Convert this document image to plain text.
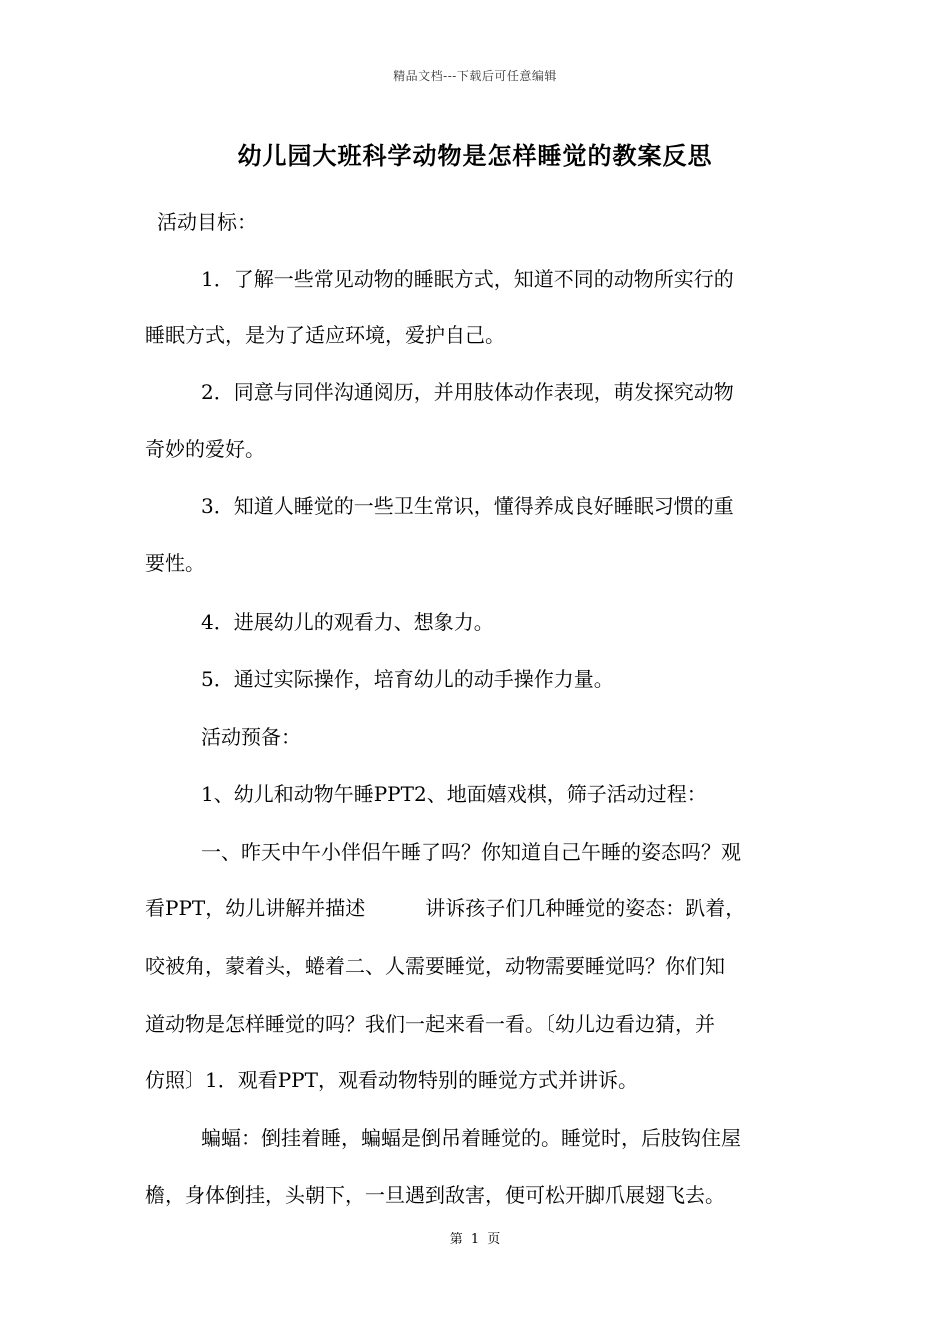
精品文档---下载后可任意编辑
幼儿园大班科学动物是怎样睡觉的教案反思
活动目标：
1．了解一些常见动物的睡眠方式，知道不同的动物所实行的
睡眠方式，是为了适应环境，爱护自己。
2．同意与同伴沟通阅历，并用肢体动作表现，萌发探究动物
奇妙的爱好。
3．知道人睡觉的一些卫生常识，懂得养成良好睡眠习惯的重
要性。
4．进展幼儿的观看力、想象力。
5．通过实际操作，培育幼儿的动手操作力量。
活动预备：
1、幼儿和动物午睡PPT2、地面嬉戏棋，筛子活动过程：
一、昨天中午小伴侣午睡了吗？你知道自己午睡的姿态吗？观
看PPT，幼儿讲解并描述　　　讲诉孩子们几种睡觉的姿态：趴着，
咬被角，蒙着头，蜷着二、人需要睡觉，动物需要睡觉吗？你们知
道动物是怎样睡觉的吗？我们一起来看一看。〔幼儿边看边猜，并
仿照〕1．观看PPT，观看动物特别的睡觉方式并讲诉。
蝙蝠：倒挂着睡，蝙蝠是倒吊着睡觉的。睡觉时，后肢钩住屋
檐，身体倒挂，头朝下，一旦遇到敌害，便可松开脚爪展翅飞去。
第 1 页
